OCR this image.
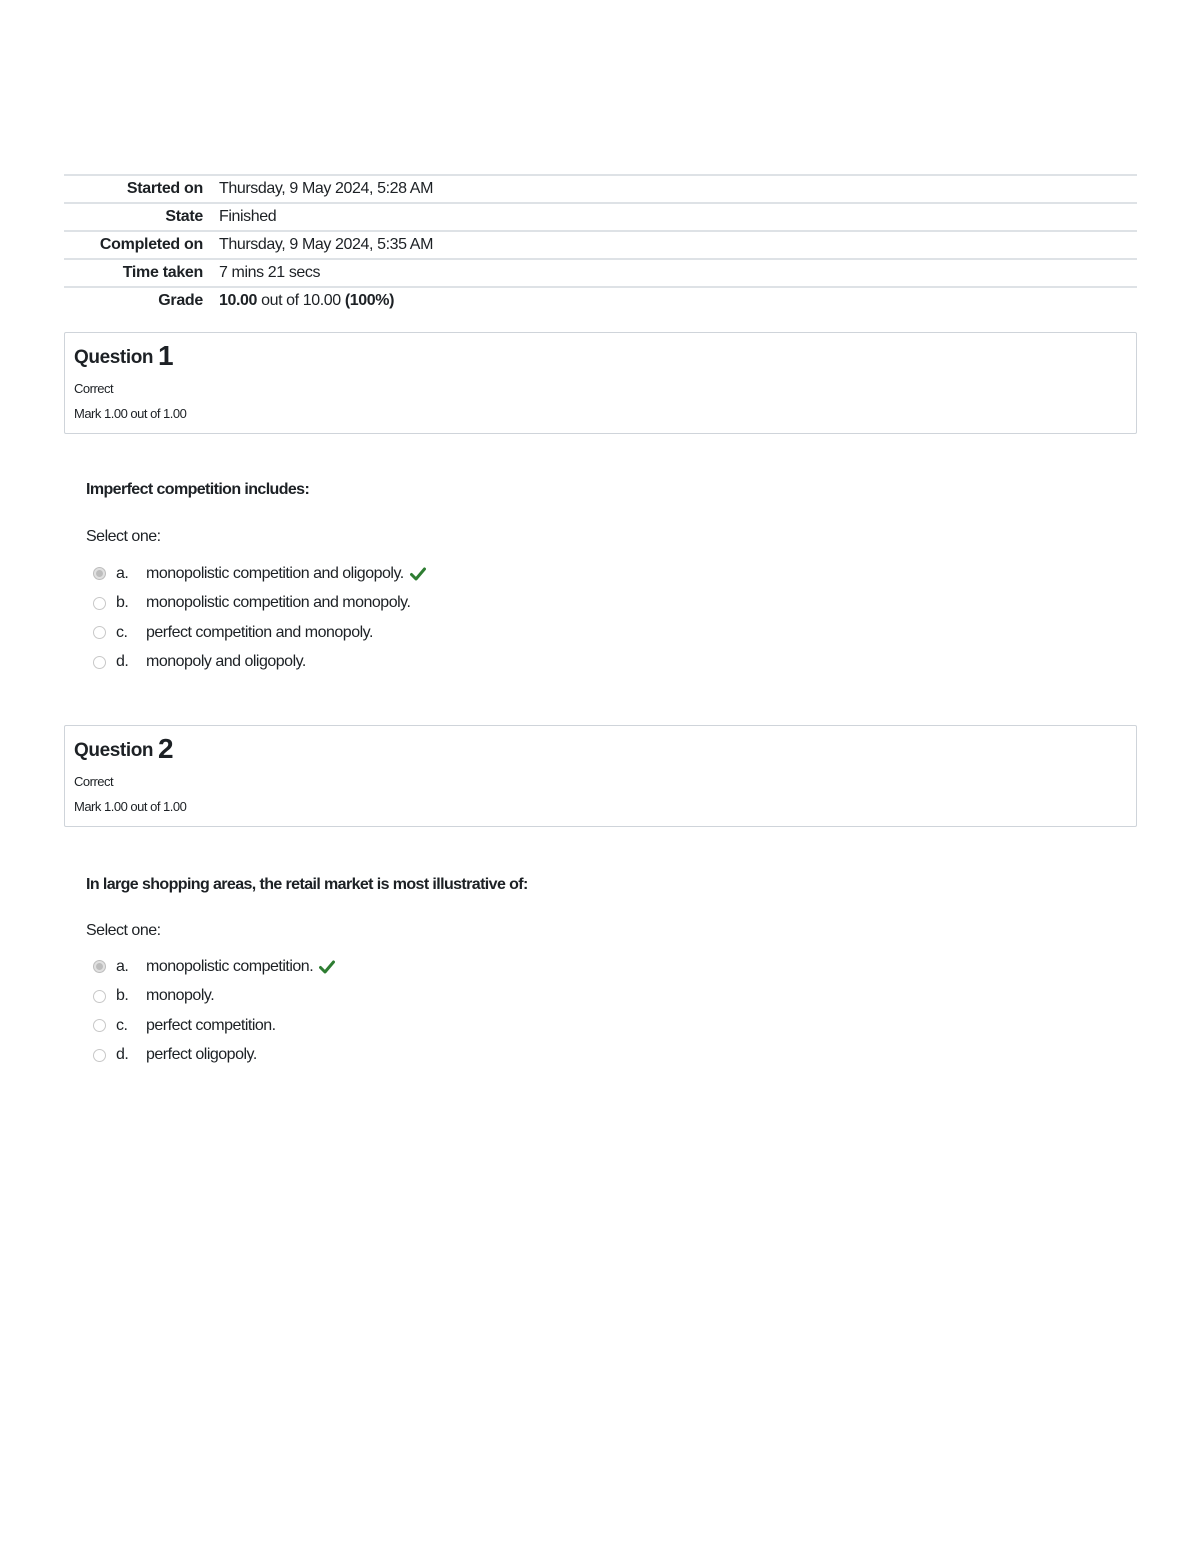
Started on	Thursday, 9 May 2024, 5:28 AM
State	Finished
Completed on	Thursday, 9 May 2024, 5:35 AM
Time taken	7 mins 21 secs
Grade	10.00 out of 10.00 (100%)
Question 1
Correct
Mark 1.00 out of 1.00
Imperfect competition includes:
Select one:
a.	monopolistic competition and oligopoly.
b.	monopolistic competition and monopoly.
c.	perfect competition and monopoly.
d.	monopoly and oligopoly.
Question 2
Correct
Mark 1.00 out of 1.00
In large shopping areas, the retail market is most illustrative of:
Select one:
a.	monopolistic competition.
b.	monopoly.
c.	perfect competition.
d.	perfect oligopoly.
